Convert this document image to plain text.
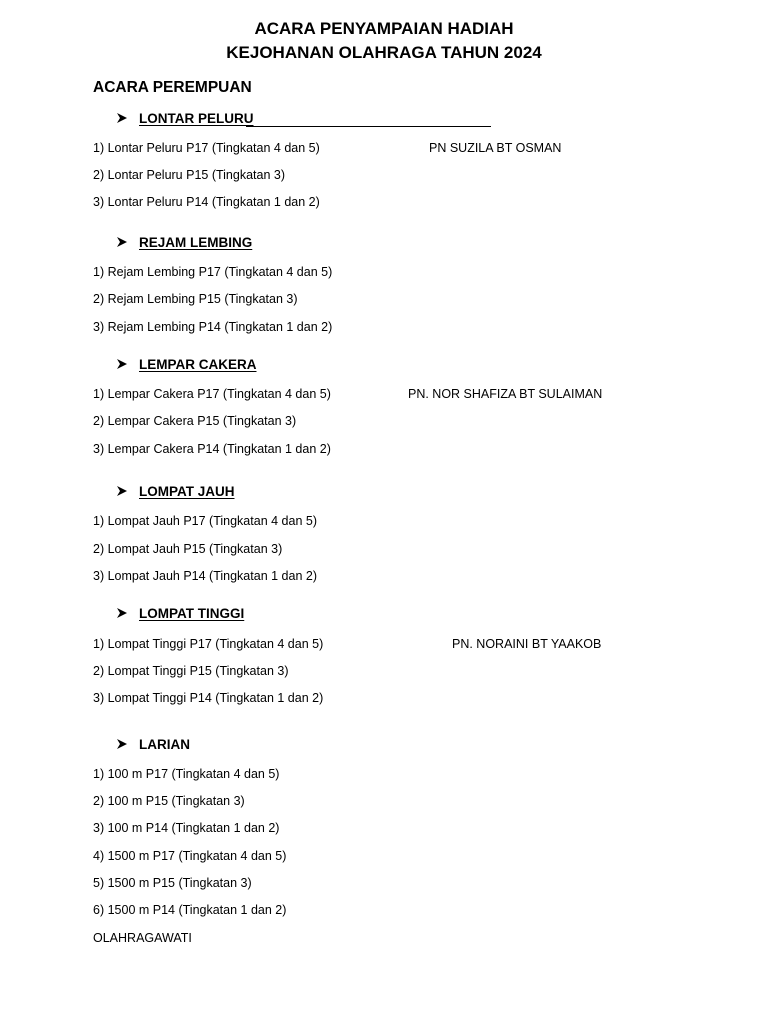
ACARA PENYAMPAIAN HADIAH
KEJOHANAN OLAHRAGA TAHUN 2024
ACARA PEREMPUAN
LONTAR PELURU
1) Lontar Peluru P17 (Tingkatan 4 dan 5)	PN SUZILA BT OSMAN
2) Lontar Peluru P15 (Tingkatan 3)
3) Lontar Peluru P14 (Tingkatan 1 dan 2)
REJAM LEMBING
1) Rejam Lembing P17 (Tingkatan 4 dan 5)
2) Rejam Lembing P15 (Tingkatan 3)
3) Rejam Lembing P14 (Tingkatan 1 dan 2)
LEMPAR CAKERA
1) Lempar Cakera P17 (Tingkatan 4 dan 5)	PN. NOR SHAFIZA BT SULAIMAN
2) Lempar Cakera P15 (Tingkatan 3)
3) Lempar Cakera P14 (Tingkatan 1 dan 2)
LOMPAT JAUH
1) Lompat Jauh P17 (Tingkatan 4 dan 5)
2) Lompat Jauh P15 (Tingkatan 3)
3) Lompat Jauh P14 (Tingkatan 1 dan 2)
LOMPAT TINGGI
1) Lompat Tinggi P17 (Tingkatan 4 dan 5)	PN. NORAINI BT YAAKOB
2) Lompat Tinggi P15 (Tingkatan 3)
3) Lompat Tinggi P14 (Tingkatan 1 dan 2)
LARIAN
1) 100 m P17 (Tingkatan 4 dan 5)
2) 100 m P15 (Tingkatan 3)
3) 100 m P14 (Tingkatan 1 dan 2)
4) 1500 m P17 (Tingkatan 4 dan 5)
5) 1500 m P15 (Tingkatan 3)
6) 1500 m P14 (Tingkatan 1 dan 2)
OLAHRAGAWATI
